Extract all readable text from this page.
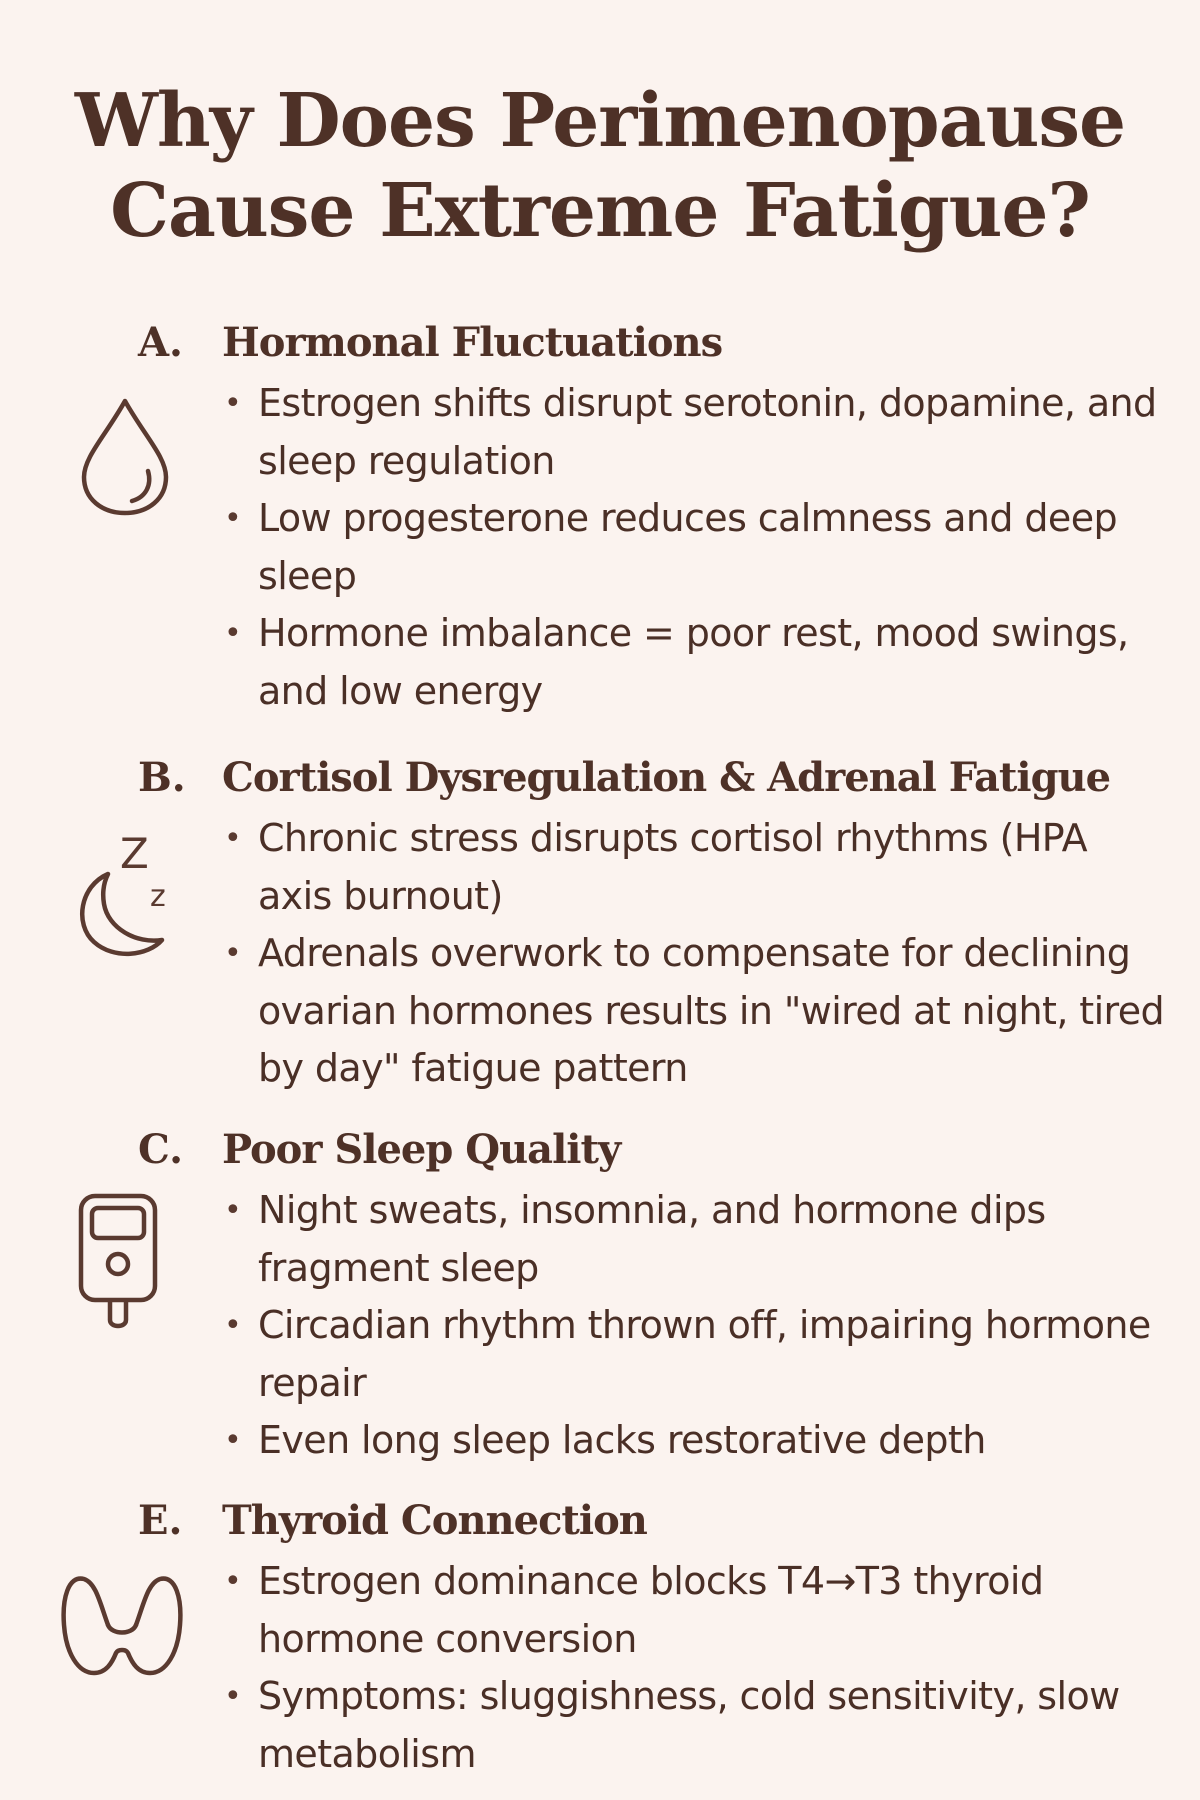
Why Does Perimenopause
Cause Extreme Fatigue?
A. Hormonal Fluctuations
• Estrogen shifts disrupt serotonin, dopamine, and sleep regulation
• Low progesterone reduces calmness and deep sleep
• Hormone imbalance = poor rest, mood swings, and low energy
B. Cortisol Dysregulation & Adrenal Fatigue
Z
z
• Chronic stress disrupts cortisol rhythms (HPA axis burnout)
• Adrenals overwork to compensate for declining ovarian hormones results in "wired at night, tired by day" fatigue pattern
C. Poor Sleep Quality
• Night sweats, insomnia, and hormone dips fragment sleep
• Circadian rhythm thrown off, impairing hormone repair
• Even long sleep lacks restorative depth
E. Thyroid Connection
• Estrogen dominance blocks T4→T3 thyroid hormone conversion
• Symptoms: sluggishness, cold sensitivity, slow metabolism
